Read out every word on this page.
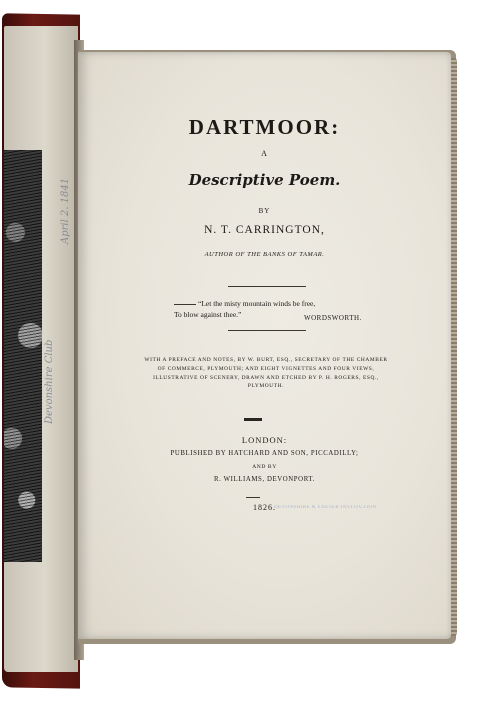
April 2. 1841
Devonshire Club

DARTMOOR:

A

Descriptive Poem.

BY

N. T. CARRINGTON,

AUTHOR OF THE BANKS OF TAMAR.

“Let the misty mountain winds be free,
To blow against thee.”	WORDSWORTH.

WITH A PREFACE AND NOTES, BY W. BURT, ESQ., SECRETARY OF THE CHAMBER OF COMMERCE, PLYMOUTH; AND EIGHT VIGNETTES AND FOUR VIEWS, ILLUSTRATIVE OF SCENERY, DRAWN AND ETCHED BY P. H. ROGERS, ESQ., PLYMOUTH.

LONDON:

PUBLISHED BY HATCHARD AND SON, PICCADILLY;

AND BY

R. WILLIAMS, DEVONPORT.

1826.

DEVONSHIRE & EXETER INSTITUTION
